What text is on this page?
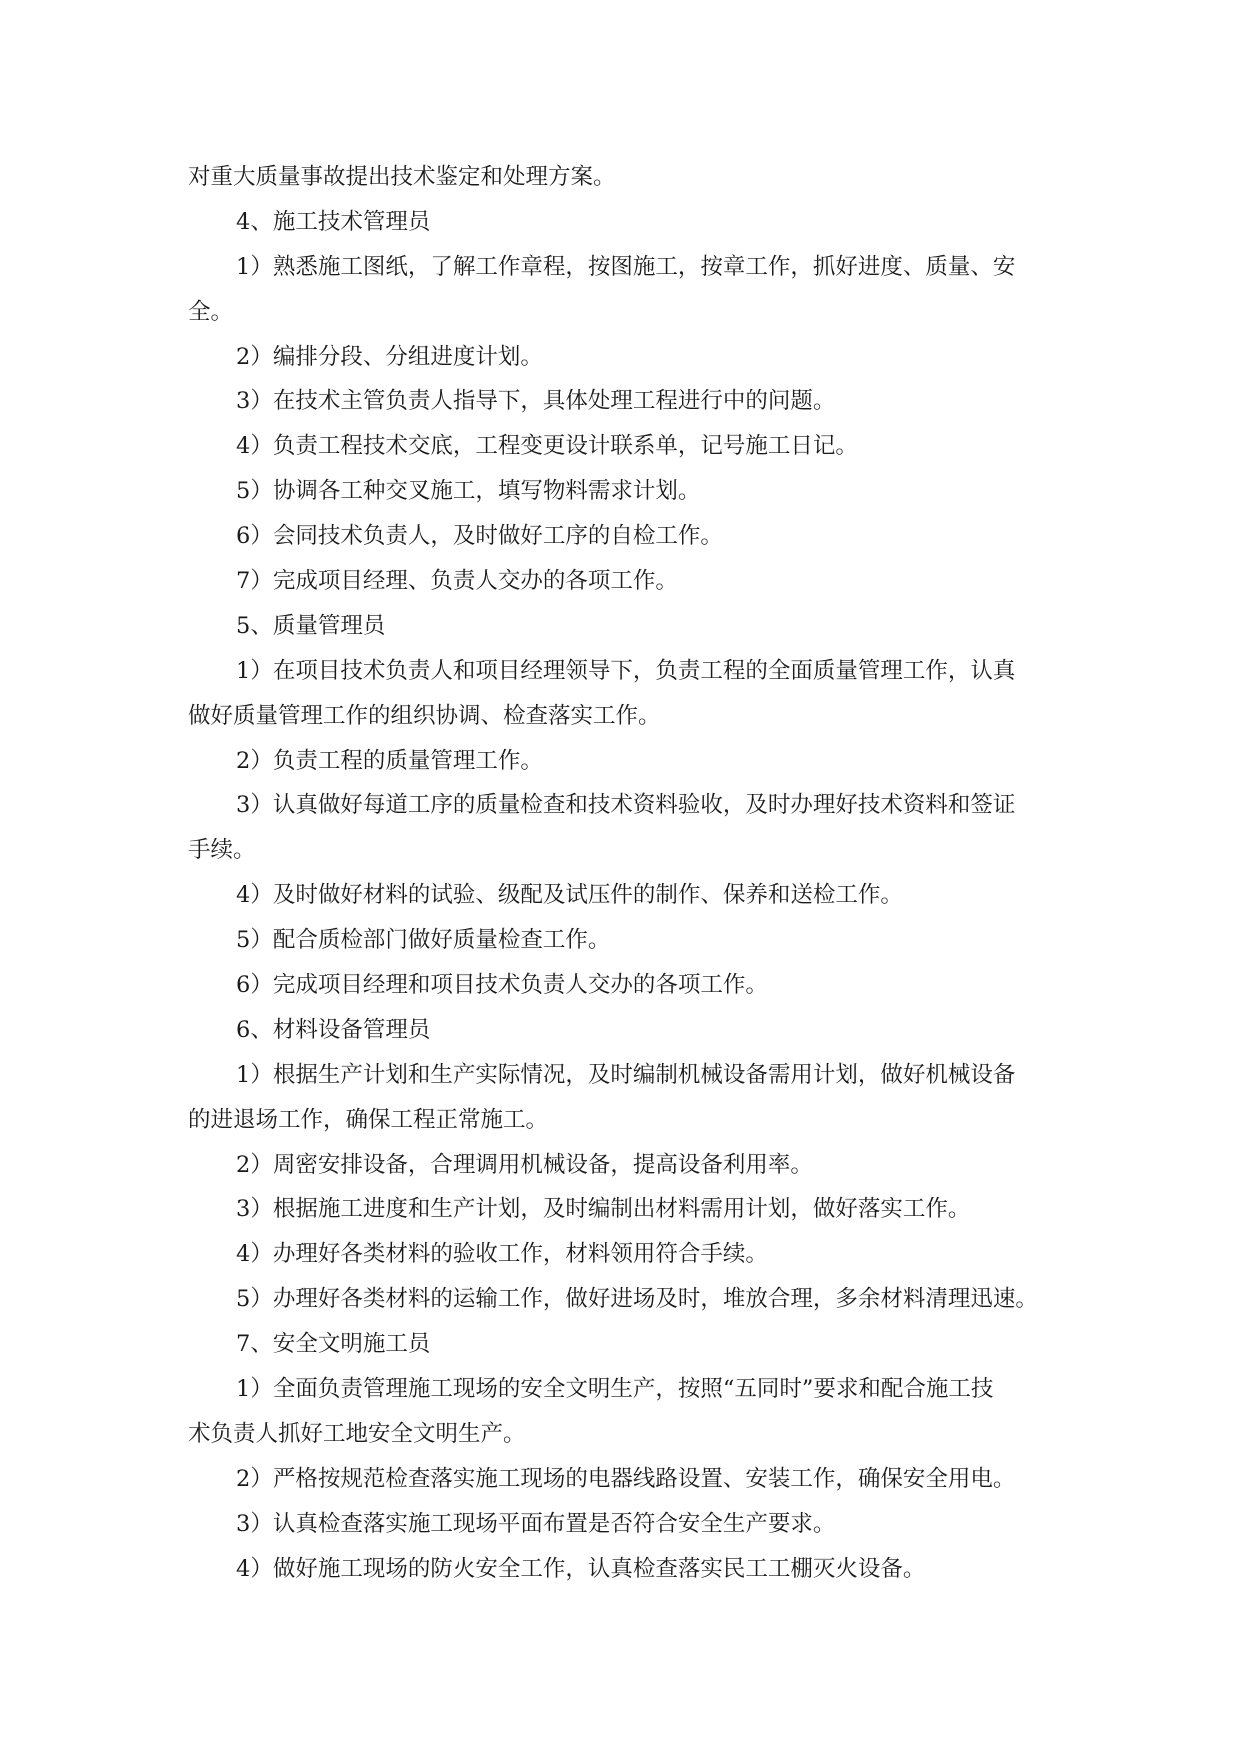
对重大质量事故提出技术鉴定和处理方案。
4、施工技术管理员
1）熟悉施工图纸，了解工作章程，按图施工，按章工作，抓好进度、质量、安
全。
2）编排分段、分组进度计划。
3）在技术主管负责人指导下，具体处理工程进行中的问题。
4）负责工程技术交底，工程变更设计联系单，记号施工日记。
5）协调各工种交叉施工，填写物料需求计划。
6）会同技术负责人，及时做好工序的自检工作。
7）完成项目经理、负责人交办的各项工作。
5、质量管理员
1）在项目技术负责人和项目经理领导下，负责工程的全面质量管理工作，认真
做好质量管理工作的组织协调、检查落实工作。
2）负责工程的质量管理工作。
3）认真做好每道工序的质量检查和技术资料验收，及时办理好技术资料和签证
手续。
4）及时做好材料的试验、级配及试压件的制作、保养和送检工作。
5）配合质检部门做好质量检查工作。
6）完成项目经理和项目技术负责人交办的各项工作。
6、材料设备管理员
1）根据生产计划和生产实际情况，及时编制机械设备需用计划，做好机械设备
的进退场工作，确保工程正常施工。
2）周密安排设备，合理调用机械设备，提高设备利用率。
3）根据施工进度和生产计划，及时编制出材料需用计划，做好落实工作。
4）办理好各类材料的验收工作，材料领用符合手续。
5）办理好各类材料的运输工作，做好进场及时，堆放合理，多余材料清理迅速。
7、安全文明施工员
1）全面负责管理施工现场的安全文明生产，按照“五同时”要求和配合施工技
术负责人抓好工地安全文明生产。
2）严格按规范检查落实施工现场的电器线路设置、安装工作，确保安全用电。
3）认真检查落实施工现场平面布置是否符合安全生产要求。
4）做好施工现场的防火安全工作，认真检查落实民工工棚灭火设备。
